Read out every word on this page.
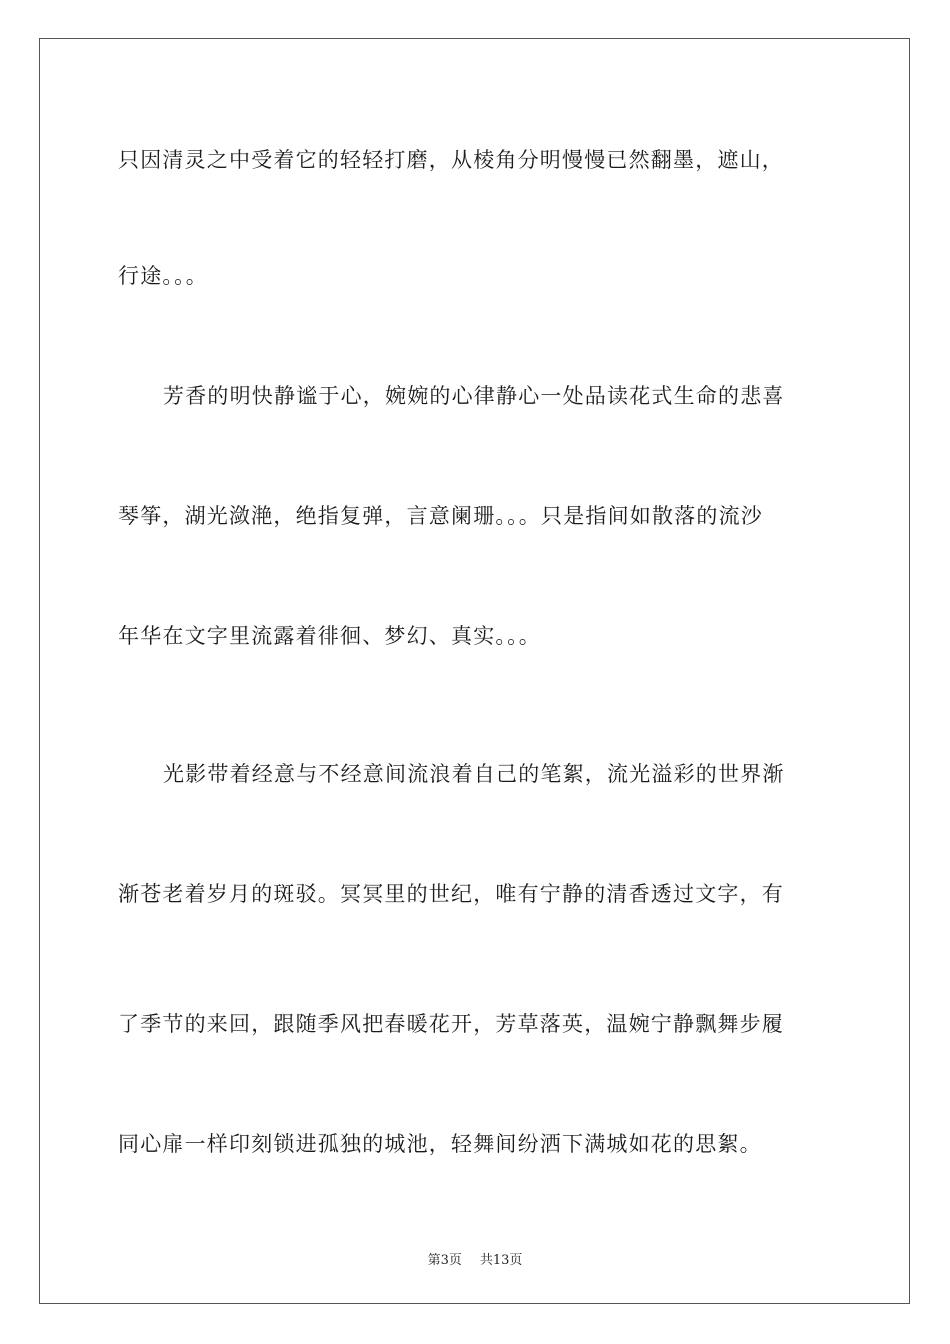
只因清灵之中受着它的轻轻打磨，从棱角分明慢慢已然翻墨，遮山，
行途。。。
芳香的明快静谧于心，婉婉的心律静心一处品读花式生命的悲喜
琴筝，湖光潋滟，绝指复弹，言意阑珊。。。只是指间如散落的流沙
年华在文字里流露着徘徊、梦幻、真实。。。
光影带着经意与不经意间流浪着自己的笔絮，流光溢彩的世界渐
渐苍老着岁月的斑驳。冥冥里的世纪，唯有宁静的清香透过文字，有
了季节的来回，跟随季风把春暖花开，芳草落英，温婉宁静飘舞步履
同心扉一样印刻锁进孤独的城池，轻舞间纷洒下满城如花的思絮。
第3页 共13页
